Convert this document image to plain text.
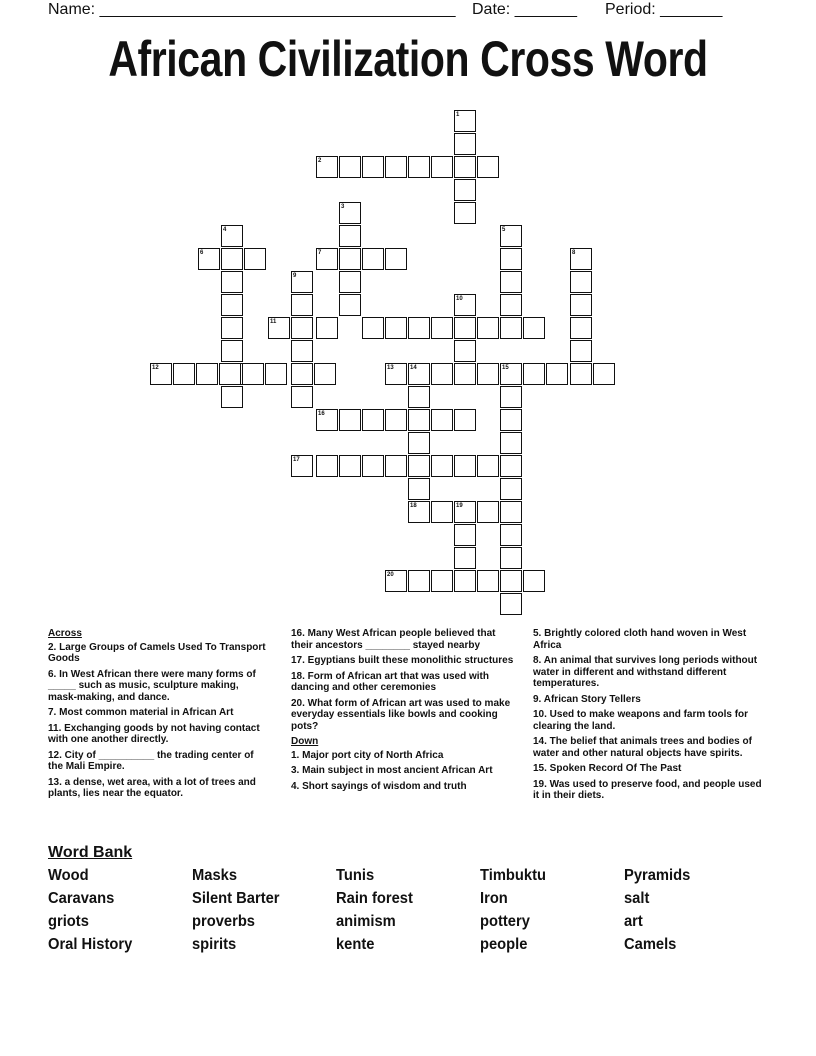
Name: ________________________________________ Date: _______ Period: _______
African Civilization Cross Word
1
2
3
4	5
6	7	8
9
10
11
12	13	14	15
16
17
18	19
20
Across
2. Large Groups of Camels Used To Transport Goods
6. In West African there were many forms of _____ such as music, sculpture making, mask-making, and dance.
7. Most common material in African Art
11. Exchanging goods by not having contact with one another directly.
12. City of __________ the trading center of the Mali Empire.
13. a dense, wet area, with a lot of trees and plants, lies near the equator.
16. Many West African people believed that their ancestors ________ stayed nearby
17. Egyptians built these monolithic structures
18. Form of African art that was used with dancing and other ceremonies
20. What form of African art was used to make everyday essentials like bowls and cooking pots?
Down
1. Major port city of North Africa
3. Main subject in most ancient African Art
4. Short sayings of wisdom and truth
5. Brightly colored cloth hand woven in West Africa
8. An animal that survives long periods without water in different and withstand different temperatures.
9. African Story Tellers
10. Used to make weapons and farm tools for clearing the land.
14. The belief that animals trees and bodies of water and other natural objects have spirits.
15. Spoken Record Of The Past
19. Was used to preserve food, and people used it in their diets.
Word Bank
Wood
Caravans
griots
Oral History
Masks
Silent Barter
proverbs
spirits
Tunis
Rain forest
animism
kente
Timbuktu
Iron
pottery
people
Pyramids
salt
art
Camels
